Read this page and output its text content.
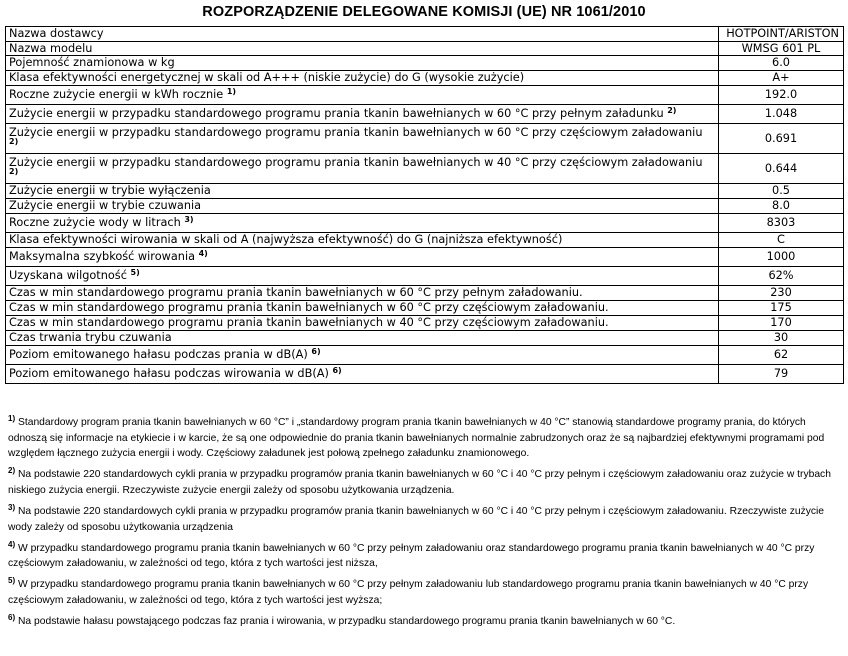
ROZPORZĄDZENIE DELEGOWANE KOMISJI (UE) NR 1061/2010
Nazwa dostawcy	HOTPOINT/ARISTON
Nazwa modelu	WMSG 601 PL
Pojemność znamionowa w kg	6.0
Klasa efektywności energetycznej w skali od A+++ (niskie zużycie) do G (wysokie zużycie)	A+
Roczne zużycie energii w kWh rocznie $^{1)}$	192.0
Zużycie energii w przypadku standardowego programu prania tkanin bawełnianych w 60 °C przy pełnym załadunku $^{2)}$	1.048
Zużycie energii w przypadku standardowego programu prania tkanin bawełnianych w 60 °C przy częściowym załadowaniu $^{2)}$	0.691
Zużycie energii w przypadku standardowego programu prania tkanin bawełnianych w 40 °C przy częściowym załadowaniu $^{2)}$	0.644
Zużycie energii w trybie wyłączenia	0.5
Zużycie energii w trybie czuwania	8.0
Roczne zużycie wody w litrach $^{3)}$	8303
Klasa efektywności wirowania w skali od A (najwyższa efektywność) do G (najniższa efektywność)	C
Maksymalna szybkość wirowania $^{4)}$	1000
Uzyskana wilgotność $^{5)}$	62%
Czas w min standardowego programu prania tkanin bawełnianych w 60 °C przy pełnym załadowaniu.	230
Czas w min standardowego programu prania tkanin bawełnianych w 60 °C przy częściowym załadowaniu.	175
Czas w min standardowego programu prania tkanin bawełnianych w 40 °C przy częściowym załadowaniu.	170
Czas trwania trybu czuwania	30
Poziom emitowanego hałasu podczas prania w dB(A) $^{6)}$	62
Poziom emitowanego hałasu podczas wirowania w dB(A) $^{6)}$	79
$^{1)}$ Standardowy program prania tkanin bawełnianych w 60 °C” i „standardowy program prania tkanin bawełnianych w 40 °C” stanowią standardowe programy prania, do których odnoszą się informacje na etykiecie i w karcie, że są one odpowiednie do prania tkanin bawełnianych normalnie zabrudzonych oraz że są najbardziej efektywnymi programami pod względem łącznego zużycia energii i wody. Częściowy załadunek jest połową zpełnego załadunku znamionowego.
$^{2)}$ Na podstawie 220 standardowych cykli prania w przypadku programów prania tkanin bawełnianych w 60 °C i 40 °C przy pełnym i częściowym załadowaniu oraz zużycie w trybach niskiego zużycia energii. Rzeczywiste zużycie energii zależy od sposobu użytkowania urządzenia.
$^{3)}$ Na podstawie 220 standardowych cykli prania w przypadku programów prania tkanin bawełnianych w 60 °C i 40 °C przy pełnym i częściowym załadowaniu. Rzeczywiste zużycie wody zależy od sposobu użytkowania urządzenia
$^{4)}$ W przypadku standardowego programu prania tkanin bawełnianych w 60 °C przy pełnym załadowaniu oraz standardowego programu prania tkanin bawełnianych w 40 °C przy częściowym załadowaniu, w zależności od tego, która z tych wartości jest niższa,
$^{5)}$ W przypadku standardowego programu prania tkanin bawełnianych w 60 °C przy pełnym załadowaniu lub standardowego programu prania tkanin bawełnianych w 40 °C przy częściowym załadowaniu, w zależności od tego, która z tych wartości jest wyższa;
$^{6)}$ Na podstawie hałasu powstającego podczas faz prania i wirowania, w przypadku standardowego programu prania tkanin bawełnianych w 60 °C.
